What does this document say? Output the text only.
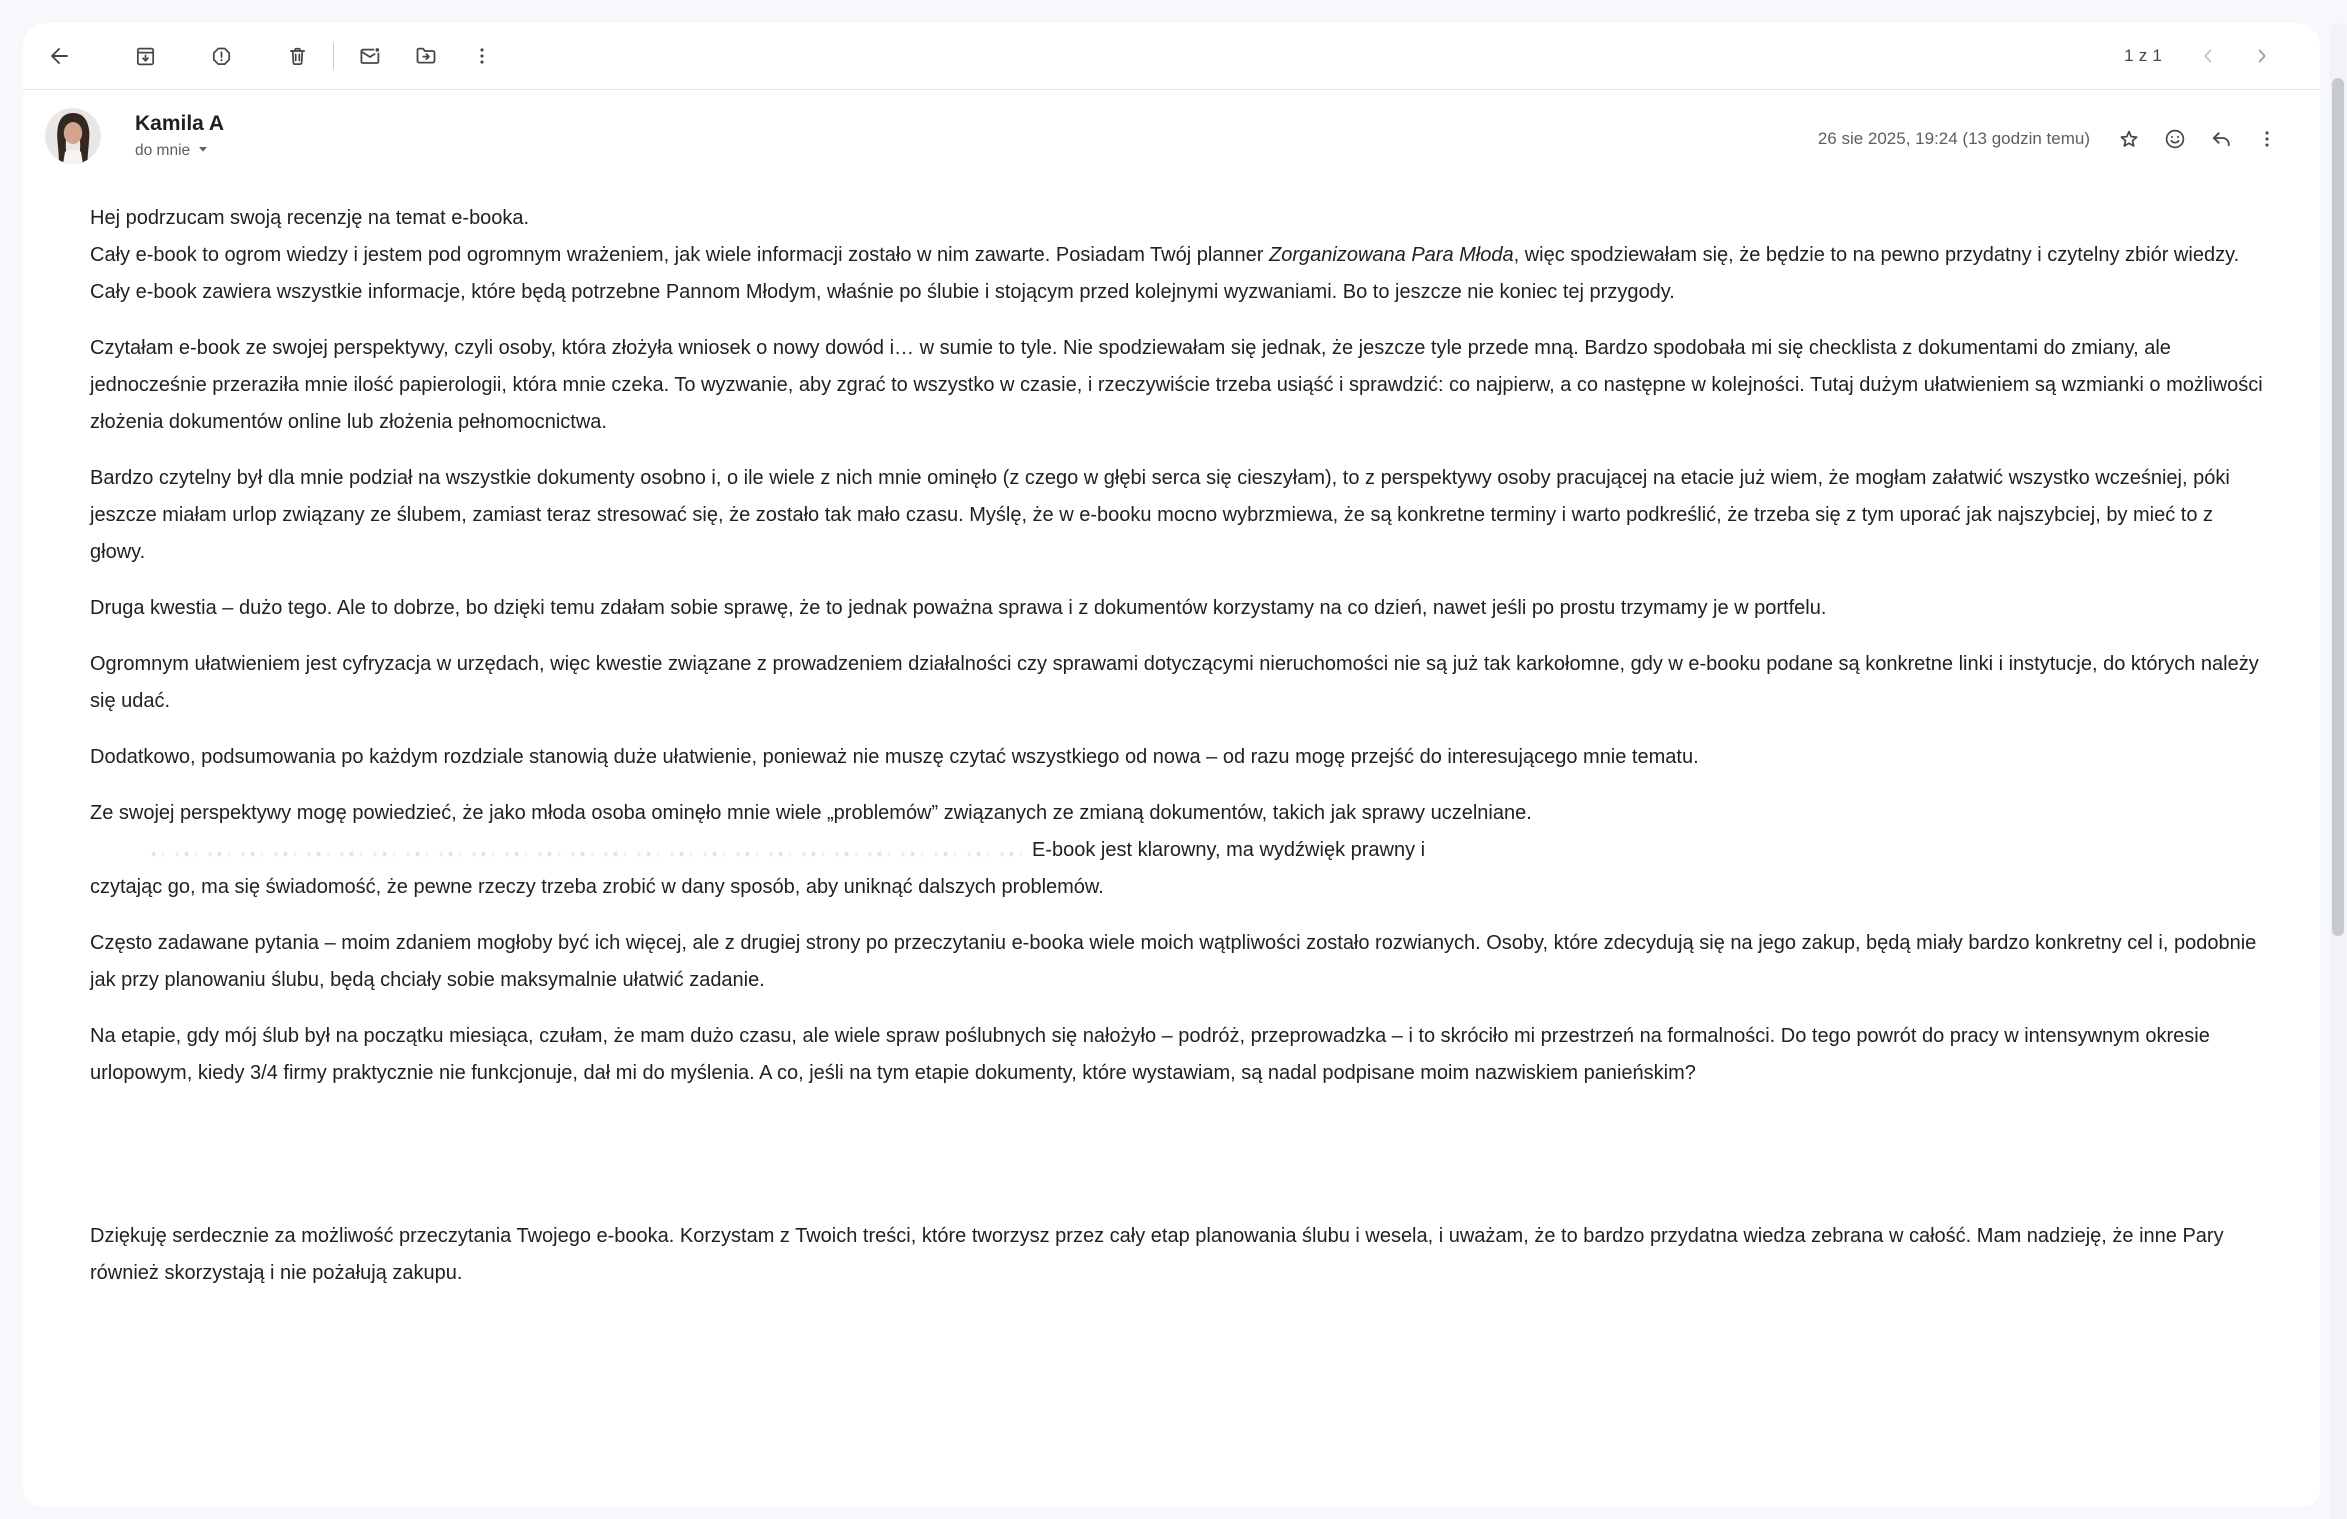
1 z 1
Kamila A
do mnie
26 sie 2025, 19:24 (13 godzin temu)
Hej podrzucam swoją recenzję na temat e-booka.
Cały e-book to ogrom wiedzy i jestem pod ogromnym wrażeniem, jak wiele informacji zostało w nim zawarte. Posiadam Twój planner Zorganizowana Para Młoda, więc spodziewałam się, że będzie to na pewno przydatny i czytelny zbiór wiedzy. Cały e-book zawiera wszystkie informacje, które będą potrzebne Pannom Młodym, właśnie po ślubie i stojącym przed kolejnymi wyzwaniami. Bo to jeszcze nie koniec tej przygody.
Czytałam e-book ze swojej perspektywy, czyli osoby, która złożyła wniosek o nowy dowód i… w sumie to tyle. Nie spodziewałam się jednak, że jeszcze tyle przede mną. Bardzo spodobała mi się checklista z dokumentami do zmiany, ale jednocześnie przeraziła mnie ilość papierologii, która mnie czeka. To wyzwanie, aby zgrać to wszystko w czasie, i rzeczywiście trzeba usiąść i sprawdzić: co najpierw, a co następne w kolejności. Tutaj dużym ułatwieniem są wzmianki o możliwości złożenia dokumentów online lub złożenia pełnomocnictwa.
Bardzo czytelny był dla mnie podział na wszystkie dokumenty osobno i, o ile wiele z nich mnie ominęło (z czego w głębi serca się cieszyłam), to z perspektywy osoby pracującej na etacie już wiem, że mogłam załatwić wszystko wcześniej, póki jeszcze miałam urlop związany ze ślubem, zamiast teraz stresować się, że zostało tak mało czasu. Myślę, że w e-booku mocno wybrzmiewa, że są konkretne terminy i warto podkreślić, że trzeba się z tym uporać jak najszybciej, by mieć to z głowy.
Druga kwestia – dużo tego. Ale to dobrze, bo dzięki temu zdałam sobie sprawę, że to jednak poważna sprawa i z dokumentów korzystamy na co dzień, nawet jeśli po prostu trzymamy je w portfelu.
Ogromnym ułatwieniem jest cyfryzacja w urzędach, więc kwestie związane z prowadzeniem działalności czy sprawami dotyczącymi nieruchomości nie są już tak karkołomne, gdy w e-booku podane są konkretne linki i instytucje, do których należy się udać.
Dodatkowo, podsumowania po każdym rozdziale stanowią duże ułatwienie, ponieważ nie muszę czytać wszystkiego od nowa – od razu mogę przejść do interesującego mnie tematu.
Ze swojej perspektywy mogę powiedzieć, że jako młoda osoba ominęło mnie wiele „problemów” związanych ze zmianą dokumentów, takich jak sprawy uczelniane.
E-book jest klarowny, ma wydźwięk prawny i
czytając go, ma się świadomość, że pewne rzeczy trzeba zrobić w dany sposób, aby uniknąć dalszych problemów.
Często zadawane pytania – moim zdaniem mogłoby być ich więcej, ale z drugiej strony po przeczytaniu e-booka wiele moich wątpliwości zostało rozwianych. Osoby, które zdecydują się na jego zakup, będą miały bardzo konkretny cel i, podobnie jak przy planowaniu ślubu, będą chciały sobie maksymalnie ułatwić zadanie.
Na etapie, gdy mój ślub był na początku miesiąca, czułam, że mam dużo czasu, ale wiele spraw poślubnych się nałożyło – podróż, przeprowadzka – i to skróciło mi przestrzeń na formalności. Do tego powrót do pracy w intensywnym okresie urlopowym, kiedy 3/4 firmy praktycznie nie funkcjonuje, dał mi do myślenia. A co, jeśli na tym etapie dokumenty, które wystawiam, są nadal podpisane moim nazwiskiem panieńskim?
Dziękuję serdecznie za możliwość przeczytania Twojego e-booka. Korzystam z Twoich treści, które tworzysz przez cały etap planowania ślubu i wesela, i uważam, że to bardzo przydatna wiedza zebrana w całość. Mam nadzieję, że inne Pary również skorzystają i nie pożałują zakupu.
